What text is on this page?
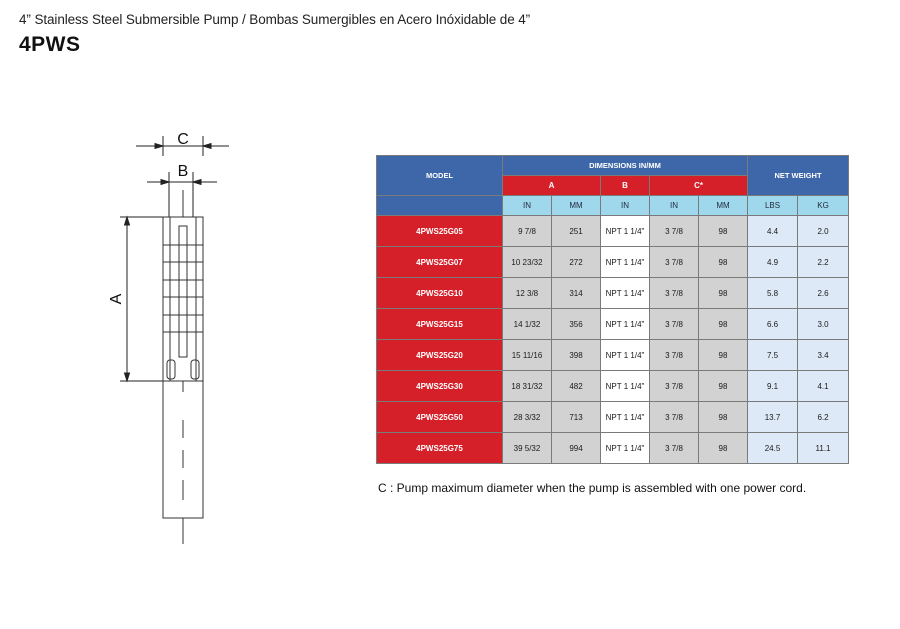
4” Stainless Steel Submersible Pump / Bombas Sumergibles en Acero Inóxidable de 4”
4PWS
C
B
A
MODEL	DIMENSIONS IN/MM					NET WEIGHT	
	A		B	C*			
	IN	MM	IN	IN	MM	LBS	KG
4PWS25G05	9 7/8	251	NPT 1 1/4"	3 7/8	98	4.4	2.0
4PWS25G07	10 23/32	272	NPT 1 1/4"	3 7/8	98	4.9	2.2
4PWS25G10	12 3/8	314	NPT 1 1/4"	3 7/8	98	5.8	2.6
4PWS25G15	14 1/32	356	NPT 1 1/4"	3 7/8	98	6.6	3.0
4PWS25G20	15 11/16	398	NPT 1 1/4"	3 7/8	98	7.5	3.4
4PWS25G30	18 31/32	482	NPT 1 1/4"	3 7/8	98	9.1	4.1
4PWS25G50	28 3/32	713	NPT 1 1/4"	3 7/8	98	13.7	6.2
4PWS25G75	39 5/32	994	NPT 1 1/4"	3 7/8	98	24.5	11.1
C : Pump maximum diameter when the pump is assembled with one power cord.
